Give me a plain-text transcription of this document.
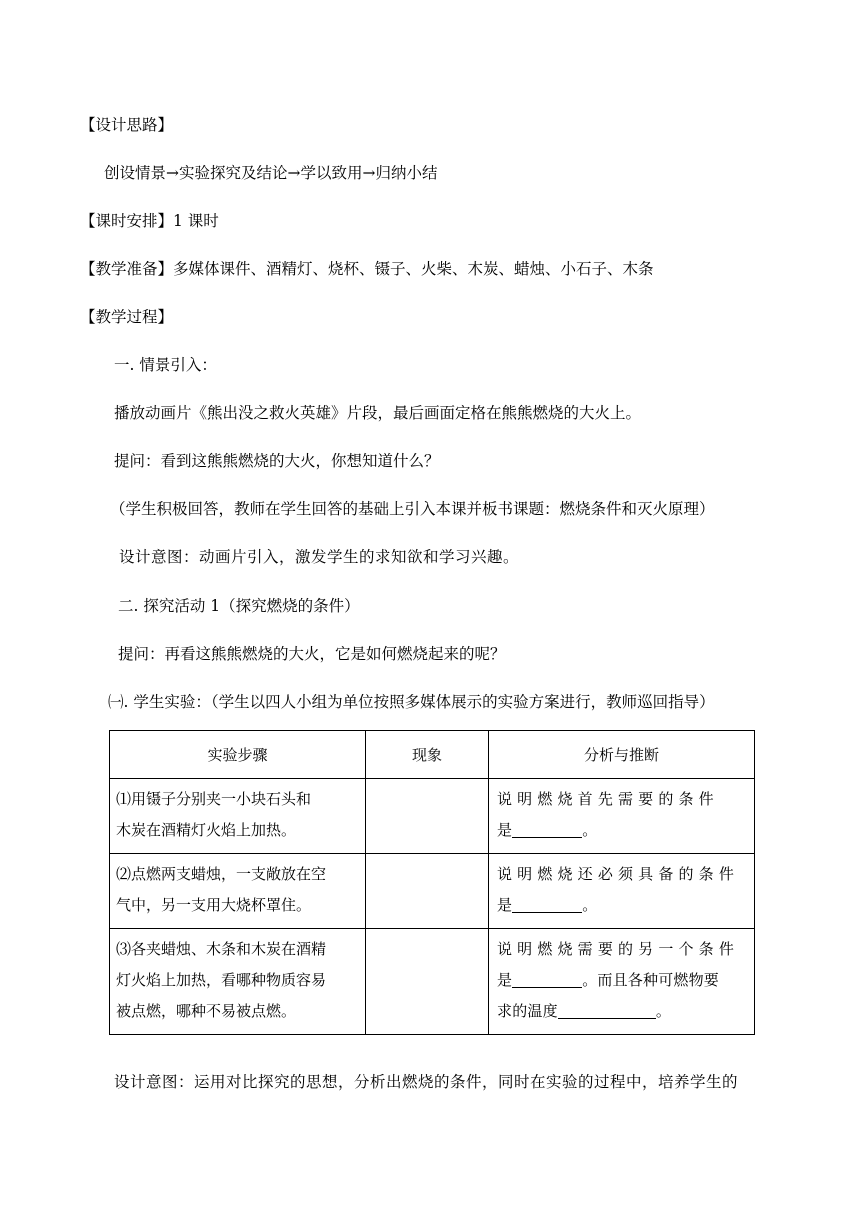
【设计思路】
创设情景→实验探究及结论→学以致用→归纳小结
【课时安排】1 课时
【教学准备】多媒体课件、酒精灯、烧杯、镊子、火柴、木炭、蜡烛、小石子、木条
【教学过程】
一. 情景引入：
播放动画片《熊出没之救火英雄》片段，最后画面定格在熊熊燃烧的大火上。
提问：看到这熊熊燃烧的大火，你想知道什么？
（学生积极回答，教师在学生回答的基础上引入本课并板书课题：燃烧条件和灭火原理）
设计意图：动画片引入，激发学生的求知欲和学习兴趣。
二. 探究活动 1（探究燃烧的条件）
提问：再看这熊熊燃烧的大火，它是如何燃烧起来的呢？
㈠. 学生实验：（学生以四人小组为单位按照多媒体展示的实验方案进行，教师巡回指导）
实验步骤	现象	分析与推断
⑴用镊子分别夹一小块石头和
木炭在酒精灯火焰上加热。		说 明 燃 烧 首 先 需 要 的 条 件
是 。
⑵点燃两支蜡烛，一支敞放在空
气中，另一支用大烧杯罩住。		说 明 燃 烧 还 必 须 具 备 的 条 件
是 。
⑶各夹蜡烛、木条和木炭在酒精
灯火焰上加热，看哪种物质容易
被点燃，哪种不易被点燃。		说 明 燃 烧 需 要 的 另 一 个 条 件
是 。而且各种可燃物要
求的温度 。
设计意图：运用对比探究的思想，分析出燃烧的条件，同时在实验的过程中，培养学生的
